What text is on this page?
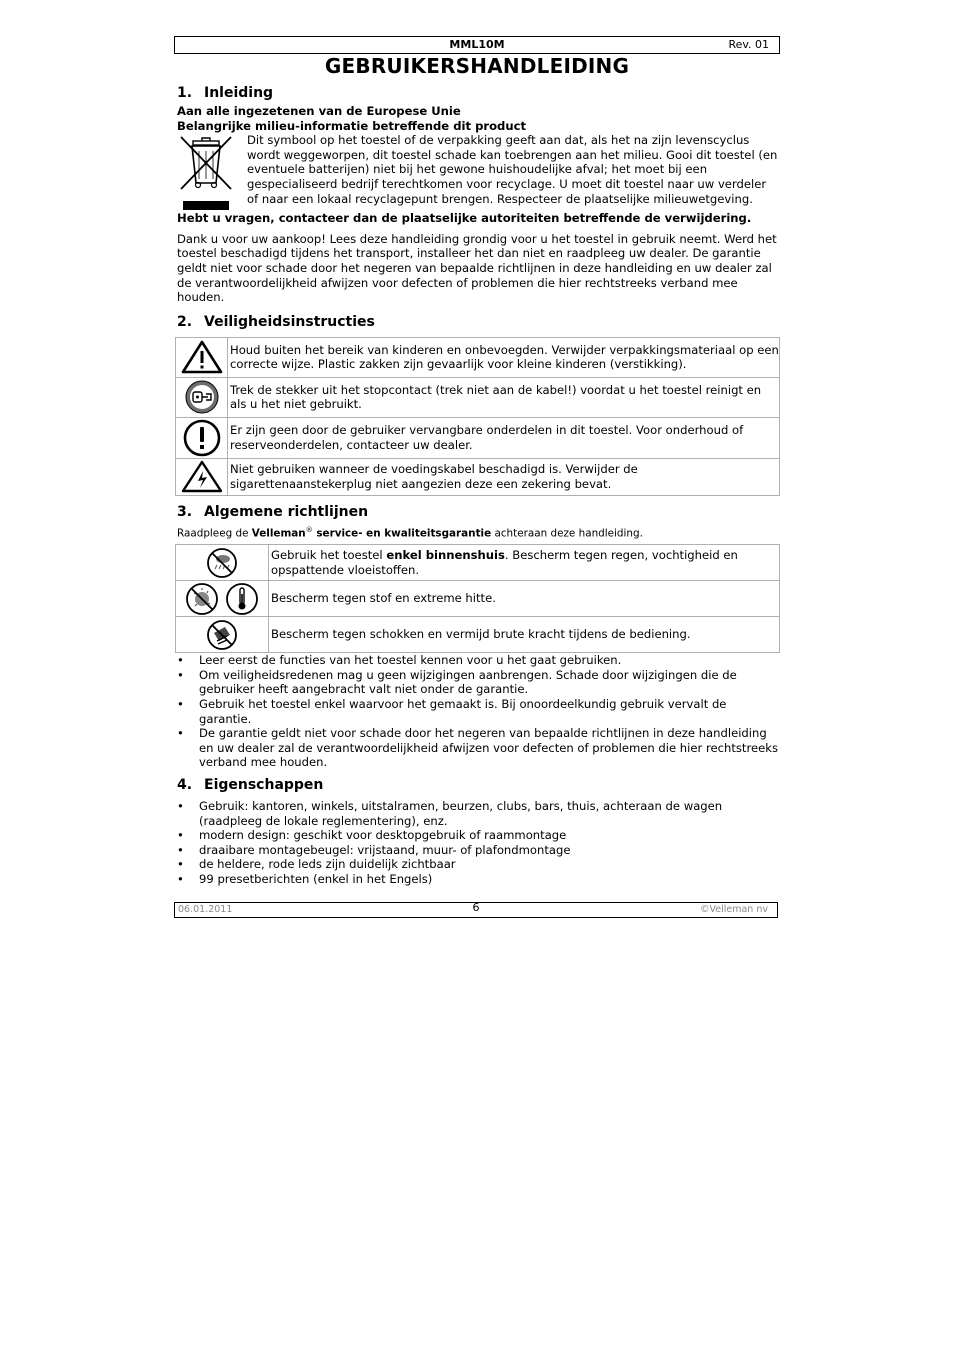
MML10M	Rev. 01
GEBRUIKERSHANDLEIDING
1. Inleiding

Aan alle ingezetenen van de Europese Unie

Belangrijke milieu-informatie betreffende dit product

Dit symbool op het toestel of de verpakking geeft aan dat, als het na zijn levenscyclus wordt weggeworpen, dit toestel schade kan toebrengen aan het milieu. Gooi dit toestel (en eventuele batterijen) niet bij het gewone huishoudelijke afval; het moet bij een gespecialiseerd bedrijf terechtkomen voor recyclage. U moet dit toestel naar uw verdeler of naar een lokaal recyclagepunt brengen. Respecteer de plaatselijke milieuwetgeving.

Hebt u vragen, contacteer dan de plaatselijke autoriteiten betreffende de verwijdering.

Dank u voor uw aankoop! Lees deze handleiding grondig voor u het toestel in gebruik neemt. Werd het toestel beschadigd tijdens het transport, installeer het dan niet en raadpleeg uw dealer. De garantie geldt niet voor schade door het negeren van bepaalde richtlijnen in deze handleiding en uw dealer zal de verantwoordelijkheid afwijzen voor defecten of problemen die hier rechtstreeks verband mee houden.

2. Veiligheidsinstructies
	Houd buiten het bereik van kinderen en onbevoegden. Verwijder verpakkingsmateriaal op een correcte wijze. Plastic zakken zijn gevaarlijk voor kleine kinderen (verstikking).
	Trek de stekker uit het stopcontact (trek niet aan de kabel!) voordat u het toestel reinigt en als u het niet gebruikt.
	Er zijn geen door de gebruiker vervangbare onderdelen in dit toestel. Voor onderhoud of reserveonderdelen, contacteer uw dealer.
	Niet gebruiken wanneer de voedingskabel beschadigd is. Verwijder de sigarettenaanstekerplug niet aangezien deze een zekering bevat.
3. Algemene richtlijnen

Raadpleeg de Velleman® service- en kwaliteitsgarantie achteraan deze handleiding.

	Gebruik het toestel enkel binnenshuis. Bescherm tegen regen, vochtigheid en opspattende vloeistoffen.
	Bescherm tegen stof en extreme hitte.
	Bescherm tegen schokken en vermijd brute kracht tijdens de bediening.
• Leer eerst de functies van het toestel kennen voor u het gaat gebruiken.
• Om veiligheidsredenen mag u geen wijzigingen aanbrengen. Schade door wijzigingen die de gebruiker heeft aangebracht valt niet onder de garantie.
• Gebruik het toestel enkel waarvoor het gemaakt is. Bij onoordeelkundig gebruik vervalt de garantie.
• De garantie geldt niet voor schade door het negeren van bepaalde richtlijnen in deze handleiding en uw dealer zal de verantwoordelijkheid afwijzen voor defecten of problemen die hier rechtstreeks verband mee houden.
4. Eigenschappen
• Gebruik: kantoren, winkels, uitstalramen, beurzen, clubs, bars, thuis, achteraan de wagen (raadpleeg de lokale reglementering), enz.
• modern design: geschikt voor desktopgebruik of raammontage
• draaibare montagebeugel: vrijstaand, muur- of plafondmontage
• de heldere, rode leds zijn duidelijk zichtbaar
• 99 presetberichten (enkel in het Engels)
06.01.2011	6	©Velleman nv
